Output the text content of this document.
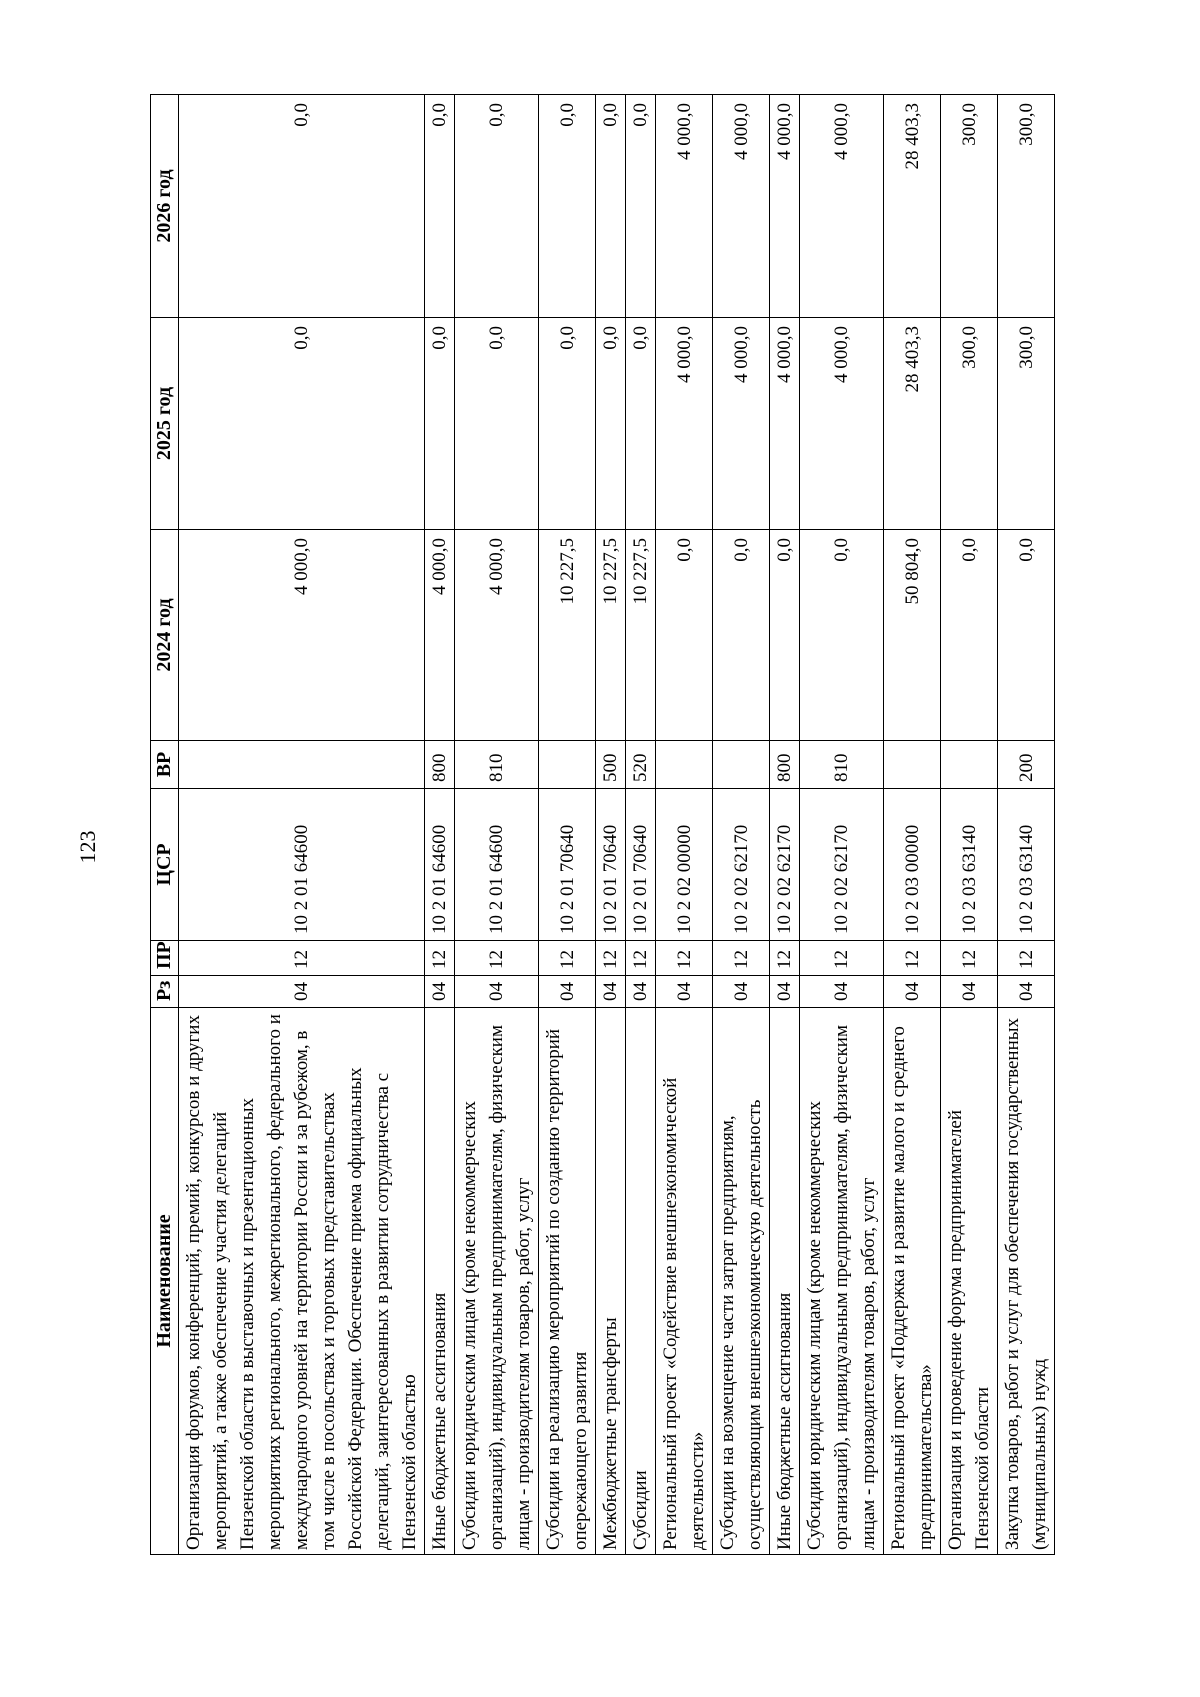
123
Наименование	Рз	ПР	ЦСР	ВР	2024 год	2025 год	2026 год
Организация форумов, конференций, премий, конкурсов и других мероприятий, а также обеспечение участия делегаций Пензенской области в выставочных и презентационных мероприятиях регионального, межрегионального, федерального и международного уровней на территории России и за рубежом, в том числе в посольствах и торговых представительствах Российской Федерации. Обеспечение приема официальных делегаций, заинтересованных в развитии сотрудничества с Пензенской областью	04	12	10 2 01 64600		4 000,0	0,0	0,0
Иные бюджетные ассигнования	04	12	10 2 01 64600	800	4 000,0	0,0	0,0
Субсидии юридическим лицам (кроме некоммерческих организаций), индивидуальным предпринимателям, физическим лицам - производителям товаров, работ, услуг	04	12	10 2 01 64600	810	4 000,0	0,0	0,0
Субсидии на реализацию мероприятий по созданию территорий опережающего развития	04	12	10 2 01 70640		10 227,5	0,0	0,0
Межбюджетные трансферты	04	12	10 2 01 70640	500	10 227,5	0,0	0,0
Субсидии	04	12	10 2 01 70640	520	10 227,5	0,0	0,0
Региональный проект «Содействие внешнеэкономической деятельности»	04	12	10 2 02 00000		0,0	4 000,0	4 000,0
Субсидии на возмещение части затрат предприятиям, осуществляющим внешнеэкономическую деятельность	04	12	10 2 02 62170		0,0	4 000,0	4 000,0
Иные бюджетные ассигнования	04	12	10 2 02 62170	800	0,0	4 000,0	4 000,0
Субсидии юридическим лицам (кроме некоммерческих организаций), индивидуальным предпринимателям, физическим лицам - производителям товаров, работ, услуг	04	12	10 2 02 62170	810	0,0	4 000,0	4 000,0
Региональный проект «Поддержка и развитие малого и среднего предпринимательства»	04	12	10 2 03 00000		50 804,0	28 403,3	28 403,3
Организация и проведение форума предпринимателей Пензенской области	04	12	10 2 03 63140		0,0	300,0	300,0
Закупка товаров, работ и услуг для обеспечения государственных (муниципальных) нужд	04	12	10 2 03 63140	200	0,0	300,0	300,0
